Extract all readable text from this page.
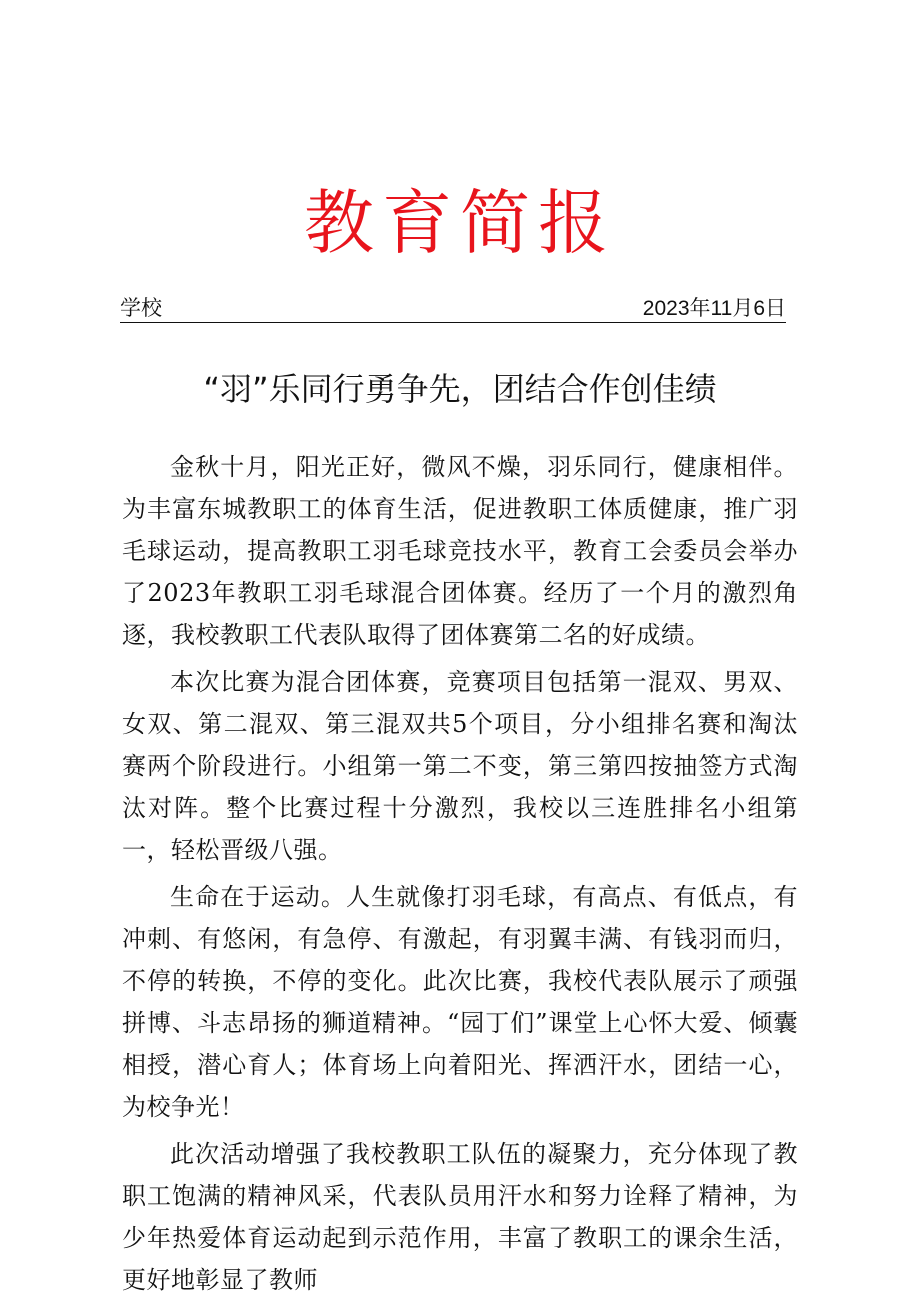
教育简报
学校	2023年11月6日
“羽”乐同行勇争先，团结合作创佳绩

金秋十月，阳光正好，微风不燥，羽乐同行，健康相伴。为丰富东城教职工的体育生活，促进教职工体质健康，推广羽毛球运动，提高教职工羽毛球竞技水平，教育工会委员会举办了2023年教职工羽毛球混合团体赛。经历了一个月的激烈角逐，我校教职工代表队取得了团体赛第二名的好成绩。

本次比赛为混合团体赛，竞赛项目包括第一混双、男双、女双、第二混双、第三混双共5个项目，分小组排名赛和淘汰赛两个阶段进行。小组第一第二不变，第三第四按抽签方式淘汰对阵。整个比赛过程十分激烈，我校以三连胜排名小组第一，轻松晋级八强。

生命在于运动。人生就像打羽毛球，有高点、有低点，有冲刺、有悠闲，有急停、有激起，有羽翼丰满、有钱羽而归，不停的转换，不停的变化。此次比赛，我校代表队展示了顽强拼博、斗志昂扬的狮道精神。“园丁们”课堂上心怀大爱、倾囊相授，潜心育人；体育场上向着阳光、挥洒汗水，团结一心，为校争光！

此次活动增强了我校教职工队伍的凝聚力，充分体现了教职工饱满的精神风采，代表队员用汗水和努力诠释了精神，为少年热爱体育运动起到示范作用，丰富了教职工的课余生活，更好地彰显了教师
